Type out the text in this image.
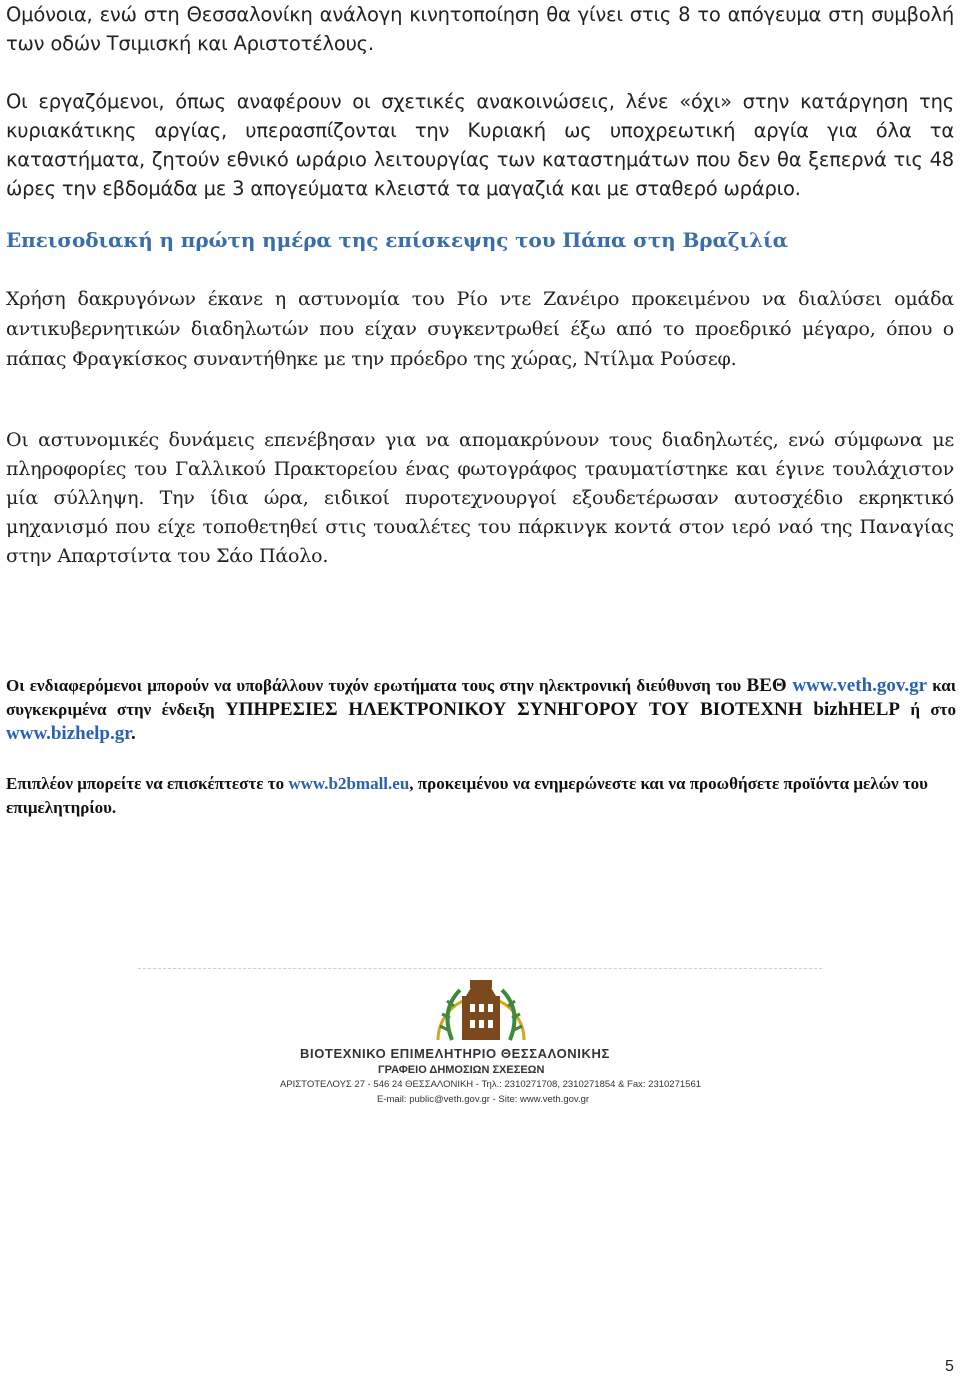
Ομόνοια, ενώ στη Θεσσαλονίκη ανάλογη κινητοποίηση θα γίνει στις 8 το απόγευμα στη συμβολή των οδών Τσιμισκή και Αριστοτέλους.

Οι εργαζόμενοι, όπως αναφέρουν οι σχετικές ανακοινώσεις, λένε «όχι» στην κατάργηση της κυριακάτικης αργίας, υπερασπίζονται την Κυριακή ως υποχρεωτική αργία για όλα τα καταστήματα, ζητούν εθνικό ωράριο λειτουργίας των καταστημάτων που δεν θα ξεπερνά τις 48 ώρες την εβδομάδα με 3 απογεύματα κλειστά τα μαγαζιά και με σταθερό ωράριο.

Επεισοδιακή η πρώτη ημέρα της επίσκεψης του Πάπα στη Βραζιλία

Χρήση δακρυγόνων έκανε η αστυνομία του Ρίο ντε Ζανέιρο προκειμένου να διαλύσει ομάδα αντικυβερνητικών διαδηλωτών που είχαν συγκεντρωθεί έξω από το προεδρικό μέγαρο, όπου ο πάπας Φραγκίσκος συναντήθηκε με την πρόεδρο της χώρας, Ντίλμα Ρούσεφ.

Οι αστυνομικές δυνάμεις επενέβησαν για να απομακρύνουν τους διαδηλωτές, ενώ σύμφωνα με πληροφορίες του Γαλλικού Πρακτορείου ένας φωτογράφος τραυματίστηκε και έγινε τουλάχιστον μία σύλληψη. Την ίδια ώρα, ειδικοί πυροτεχνουργοί εξουδετέρωσαν αυτοσχέδιο εκρηκτικό μηχανισμό που είχε τοποθετηθεί στις τουαλέτες του πάρκινγκ κοντά στον ιερό ναό της Παναγίας στην Απαρτσίντα του Σάο Πάολο.

Οι ενδιαφερόμενοι μπορούν να υποβάλλουν τυχόν ερωτήματα τους στην ηλεκτρονική διεύθυνση του ΒΕΘ www.veth.gov.gr και συγκεκριμένα στην ένδειξη ΥΠΗΡΕΣΙΕΣ ΗΛΕΚΤΡΟΝΙΚΟΥ ΣΥΝΗΓΟΡΟΥ ΤΟΥ ΒΙΟΤΕΧΝΗ bizhHELP ή στο www.bizhelp.gr.

Επιπλέον μπορείτε να επισκέπτεστε το www.b2bmall.eu, προκειμένου να ενημερώνεστε και να προωθήσετε προϊόντα μελών του επιμελητηρίου.

ΒΙΟΤΕΧΝΙΚΟ ΕΠΙΜΕΛΗΤΗΡΙΟ ΘΕΣΣΑΛΟΝΙΚΗΣ
ΓΡΑΦΕΙΟ ΔΗΜΟΣΙΩΝ ΣΧΕΣΕΩΝ
ΑΡΙΣΤΟΤΕΛΟΥΣ 27 - 546 24 ΘΕΣΣΑΛΟΝΙΚΗ - Τηλ.: 2310271708, 2310271854 & Fax: 2310271561
E-mail: public@veth.gov.gr - Site: www.veth.gov.gr
5
